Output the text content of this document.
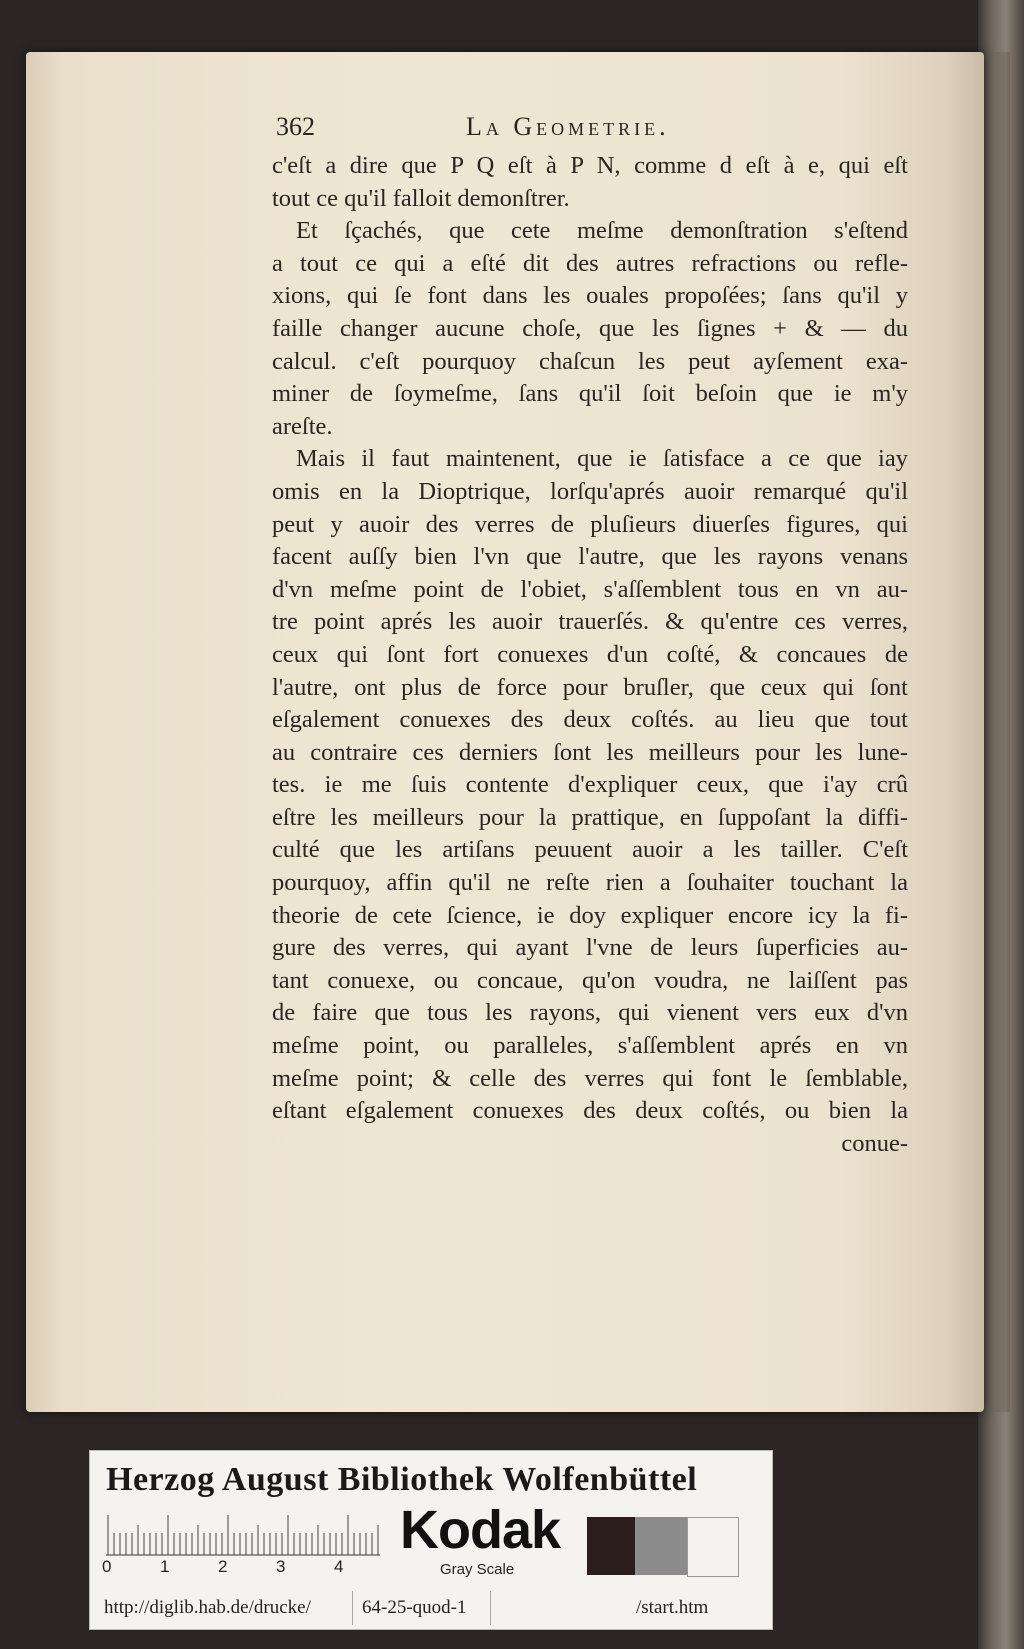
362	La Geometrie.
c'eſt a dire que P Q eſt à P N, comme d eſt à e, qui eſt
tout ce qu'il falloit demonſtrer.
Et ſçachés, que cete meſme demonſtration s'eſtend
a tout ce qui a eſté dit des autres refractions ou refle-
xions, qui ſe font dans les ouales propoſées; ſans qu'il y
faille changer aucune choſe, que les ſignes + & — du
calcul. c'eſt pourquoy chaſcun les peut ayſement exa-
miner de ſoymeſme, ſans qu'il ſoit beſoin que ie m'y
areſte.
Mais il faut maintenent, que ie ſatisface a ce que iay
omis en la Dioptrique, lorſqu'aprés auoir remarqué qu'il
peut y auoir des verres de pluſieurs diuerſes figures, qui
facent auſſy bien l'vn que l'autre, que les rayons venans
d'vn meſme point de l'obiet, s'aſſemblent tous en vn au-
tre point aprés les auoir trauerſés. & qu'entre ces verres,
ceux qui ſont fort conuexes d'un coſté, & concaues de
l'autre, ont plus de force pour bruſler, que ceux qui ſont
eſgalement conuexes des deux coſtés. au lieu que tout
au contraire ces derniers ſont les meilleurs pour les lune-
tes. ie me ſuis contente d'expliquer ceux, que i'ay crû
eſtre les meilleurs pour la prattique, en ſuppoſant la diffi-
culté que les artiſans peuuent auoir a les tailler. C'eſt
pourquoy, affin qu'il ne reſte rien a ſouhaiter touchant la
theorie de cete ſcience, ie doy expliquer encore icy la fi-
gure des verres, qui ayant l'vne de leurs ſuperficies au-
tant conuexe, ou concaue, qu'on voudra, ne laiſſent pas
de faire que tous les rayons, qui vienent vers eux d'vn
meſme point, ou paralleles, s'aſſemblent aprés en vn
meſme point; & celle des verres qui font le ſemblable,
eſtant eſgalement conuexes des deux coſtés, ou bien la
conue-
Herzog August Bibliothek Wolfenbüttel
0	1	2	3	4
Kodak
Gray Scale
http://diglib.hab.de/drucke/	64-25-quod-1	/start.htm
